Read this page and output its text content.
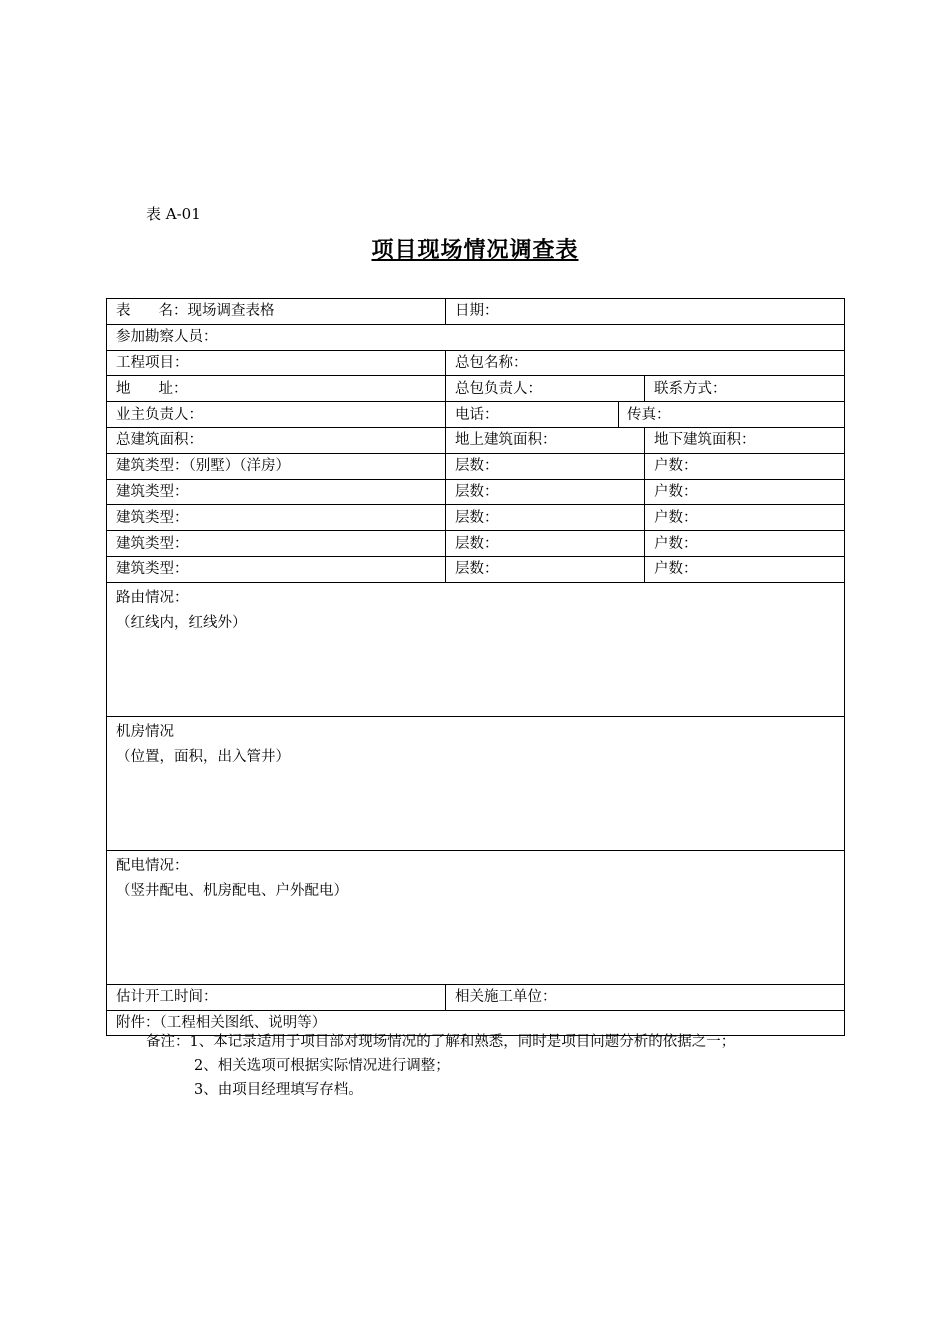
表 A-01
项目现场情况调查表
表 名：现场调查表格	日期：		
参加勘察人员：			
工程项目：	总包名称：		
地 址：	总包负责人：		联系方式：
业主负责人：	电话：	传真：	
总建筑面积：	地上建筑面积：		地下建筑面积：
建筑类型：（别墅）（洋房）	层数：		户数：
建筑类型：	层数：		户数：
建筑类型：	层数：		户数：
建筑类型：	层数：		户数：
建筑类型：	层数：		户数：

路由情况：
（红线内，红线外）			

机房情况
（位置，面积，出入管井）			

配电情况：
（竖井配电、机房配电、户外配电）			

估计开工时间：	相关施工单位：		
附件：（工程相关图纸、说明等）			
备注：1、本记录适用于项目部对现场情况的了解和熟悉，同时是项目问题分析的依据之一；
2、相关选项可根据实际情况进行调整；
3、由项目经理填写存档。
